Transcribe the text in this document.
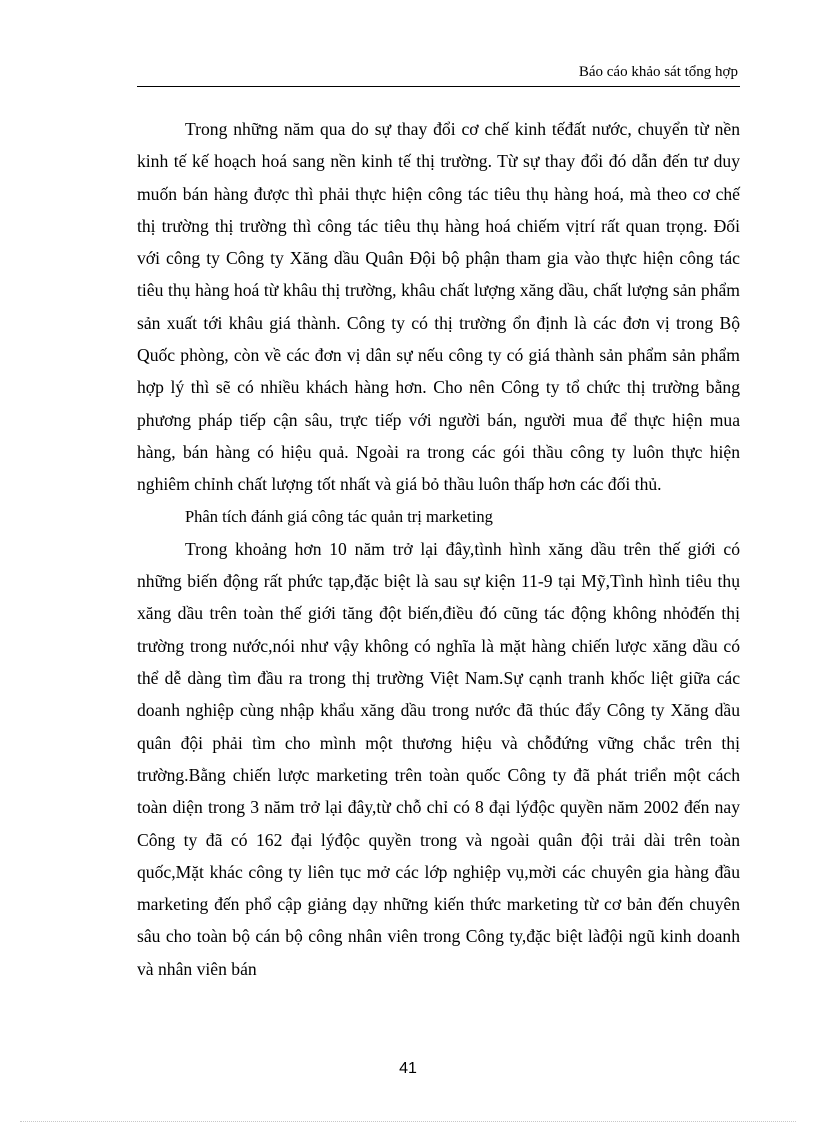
Báo cáo khảo sát tổng hợp

Trong những năm qua do sự thay đổi cơ chế kinh tếđất nước, chuyển từ nền kinh tế kế hoạch hoá sang nền kinh tế thị trường. Từ sự thay đổi đó dẫn đến tư duy muốn bán hàng được thì phải thực hiện công tác tiêu thụ hàng hoá, mà theo cơ chế thị trường thị trường thì công tác tiêu thụ hàng hoá chiếm vịtrí rất quan trọng. Đối với công ty Công ty Xăng dầu Quân Đội bộ phận tham gia vào thực hiện công tác tiêu thụ hàng hoá từ khâu thị trường, khâu chất lượng xăng dầu, chất lượng sản phẩm sản xuất tới khâu giá thành. Công ty có thị trường ổn định là các đơn vị trong Bộ Quốc phòng, còn về các đơn vị dân sự nếu công ty có giá thành sản phẩm sản phẩm hợp lý thì sẽ có nhiều khách hàng hơn. Cho nên Công ty tổ chức thị trường bằng phương pháp tiếp cận sâu, trực tiếp với người bán, người mua để thực hiện mua hàng, bán hàng có hiệu quả. Ngoài ra trong các gói thầu công ty luôn thực hiện nghiêm chỉnh chất lượng tốt nhất và giá bỏ thầu luôn thấp hơn các đối thủ.

Phân tích đánh giá công tác quản trị marketing

Trong khoảng hơn 10 năm trở lại đây,tình hình xăng dầu trên thế giới có những biến động rất phức tạp,đặc biệt là sau sự kiện 11-9 tại Mỹ,Tình hình tiêu thụ xăng dầu trên toàn thế giới tăng đột biến,điều đó cũng tác động không nhỏđến thị trường trong nước,nói như vậy không có nghĩa là mặt hàng chiến lược xăng dầu có thể dễ dàng tìm đầu ra trong thị trường Việt Nam.Sự cạnh tranh khốc liệt giữa các doanh nghiệp cùng nhập khẩu xăng dầu trong nước đã thúc đẩy Công ty Xăng dầu quân đội phải tìm cho mình một thương hiệu và chỗđứng vững chắc trên thị trường.Bằng chiến lược marketing trên toàn quốc Công ty đã phát triển một cách toàn diện trong 3 năm trở lại đây,từ chỗ chỉ có 8 đại lýđộc quyền năm 2002 đến nay Công ty đã có 162 đại lýđộc quyền trong và ngoài quân đội trải dài trên toàn quốc,Mặt khác công ty liên tục mở các lớp nghiệp vụ,mời các chuyên gia hàng đầu marketing đến phổ cập giảng dạy những kiến thức marketing từ cơ bản đến chuyên sâu cho toàn bộ cán bộ công nhân viên trong Công ty,đặc biệt làđội ngũ kinh doanh và nhân viên bán

41
